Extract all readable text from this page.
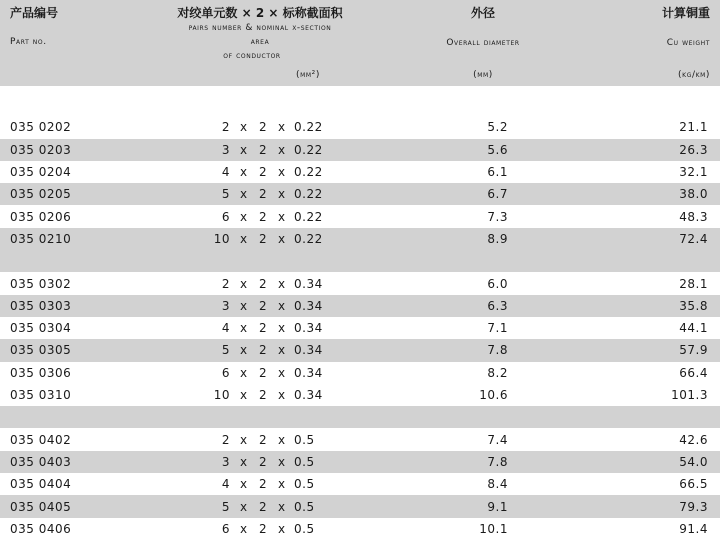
产品编号
Part no.
对绞单元数 × 2 × 标称截面积
pairs number & nominal x-section
area
of conductor
(mm²)
外径
Overall diameter
(mm)
计算铜重
Cu weight
(kg/km)
035 0202	2 x 2 x 0.22	5.2	21.1
035 0203	3 x 2 x 0.22	5.6	26.3
035 0204	4 x 2 x 0.22	6.1	32.1
035 0205	5 x 2 x 0.22	6.7	38.0
035 0206	6 x 2 x 0.22	7.3	48.3
035 0210	10 x 2 x 0.22	8.9	72.4
035 0302	2 x 2 x 0.34	6.0	28.1
035 0303	3 x 2 x 0.34	6.3	35.8
035 0304	4 x 2 x 0.34	7.1	44.1
035 0305	5 x 2 x 0.34	7.8	57.9
035 0306	6 x 2 x 0.34	8.2	66.4
035 0310	10 x 2 x 0.34	10.6	101.3
035 0402	2 x 2 x 0.5	7.4	42.6
035 0403	3 x 2 x 0.5	7.8	54.0
035 0404	4 x 2 x 0.5	8.4	66.5
035 0405	5 x 2 x 0.5	9.1	79.3
035 0406	6 x 2 x 0.5	10.1	91.4
